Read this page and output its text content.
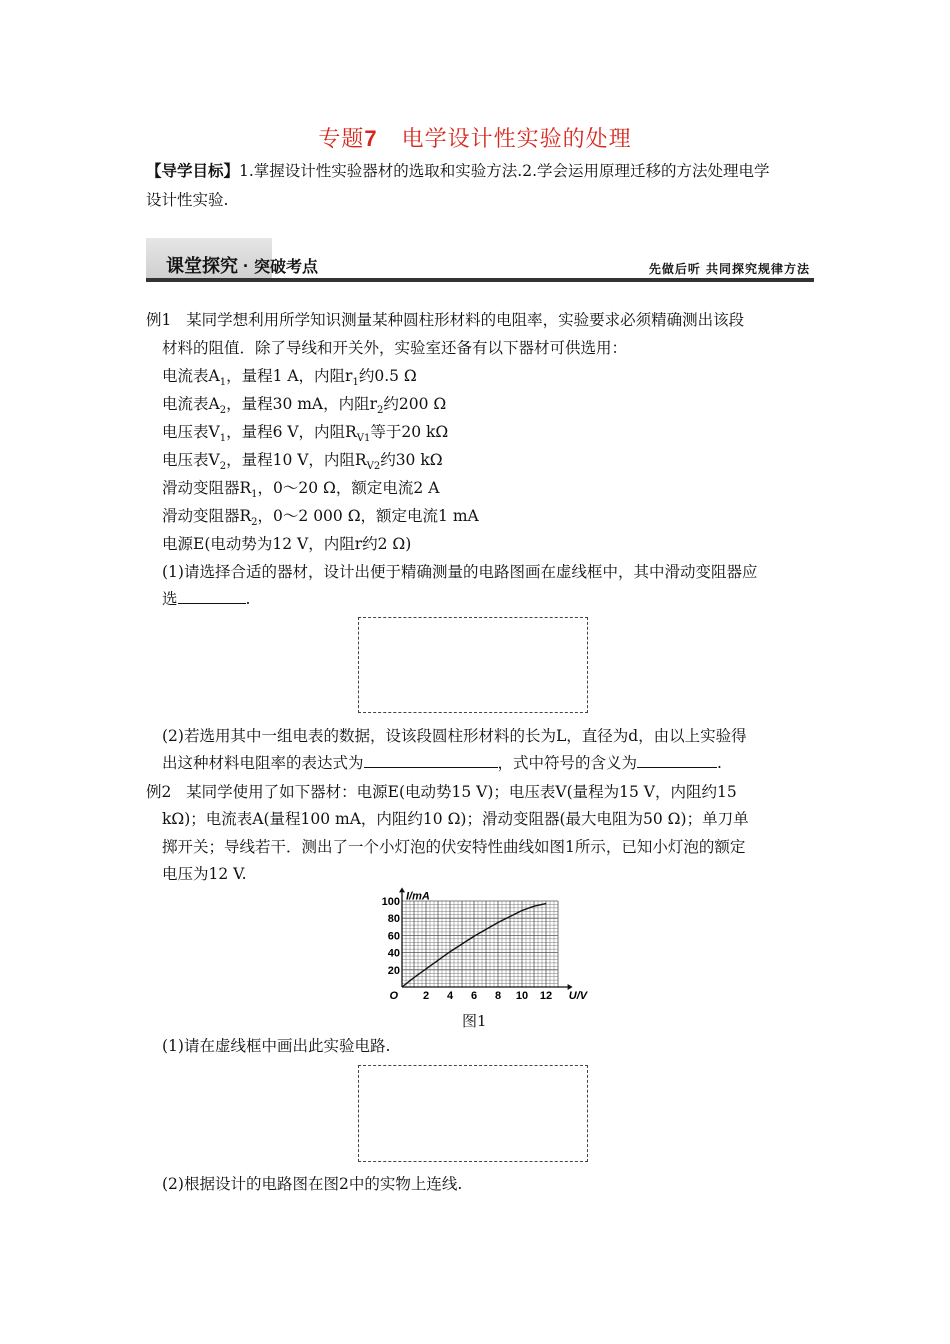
专题7 电学设计性实验的处理
【导学目标】1.掌握设计性实验器材的选取和实验方法.2.学会运用原理迁移的方法处理电学
设计性实验.
课堂探究 · 突破考点	先做后听 共同探究规律方法
例1 某同学想利用所学知识测量某种圆柱形材料的电阻率，实验要求必须精确测出该段
材料的阻值．除了导线和开关外，实验室还备有以下器材可供选用：
电流表$A_1$，量程1 A，内阻$r_1$约0.5 Ω
电流表$A_2$，量程30 mA，内阻$r_2$约200 Ω
电压表$V_1$，量程6 V，内阻$R_{V1}$等于20 kΩ
电压表$V_2$，量程10 V，内阻$R_{V2}$约30 kΩ
滑动变阻器$R_1$，0～20 Ω，额定电流2 A
滑动变阻器$R_2$，0～2 000 Ω，额定电流1 mA
电源E(电动势为12 V，内阻r约2 Ω)
(1)请选择合适的器材，设计出便于精确测量的电路图画在虚线框中，其中滑动变阻器应
选	.
(2)若选用其中一组电表的数据，设该段圆柱形材料的长为L，直径为d，由以上实验得
出这种材料电阻率的表达式为	，式中符号的含义为	.
例2 某同学使用了如下器材：电源E(电动势15 V)；电压表V(量程为15 V，内阻约15
kΩ)；电流表A(量程100 mA，内阻约10 Ω)；滑动变阻器(最大电阻为50 Ω)；单刀单
掷开关；导线若干．测出了一个小灯泡的伏安特性曲线如图1所示，已知小灯泡的额定
电压为12 V.
2 4 6 8 10 12
20
40
60
80
100
O	U/V
I/mA
图1
(1)请在虚线框中画出此实验电路.
(2)根据设计的电路图在图2中的实物上连线.
